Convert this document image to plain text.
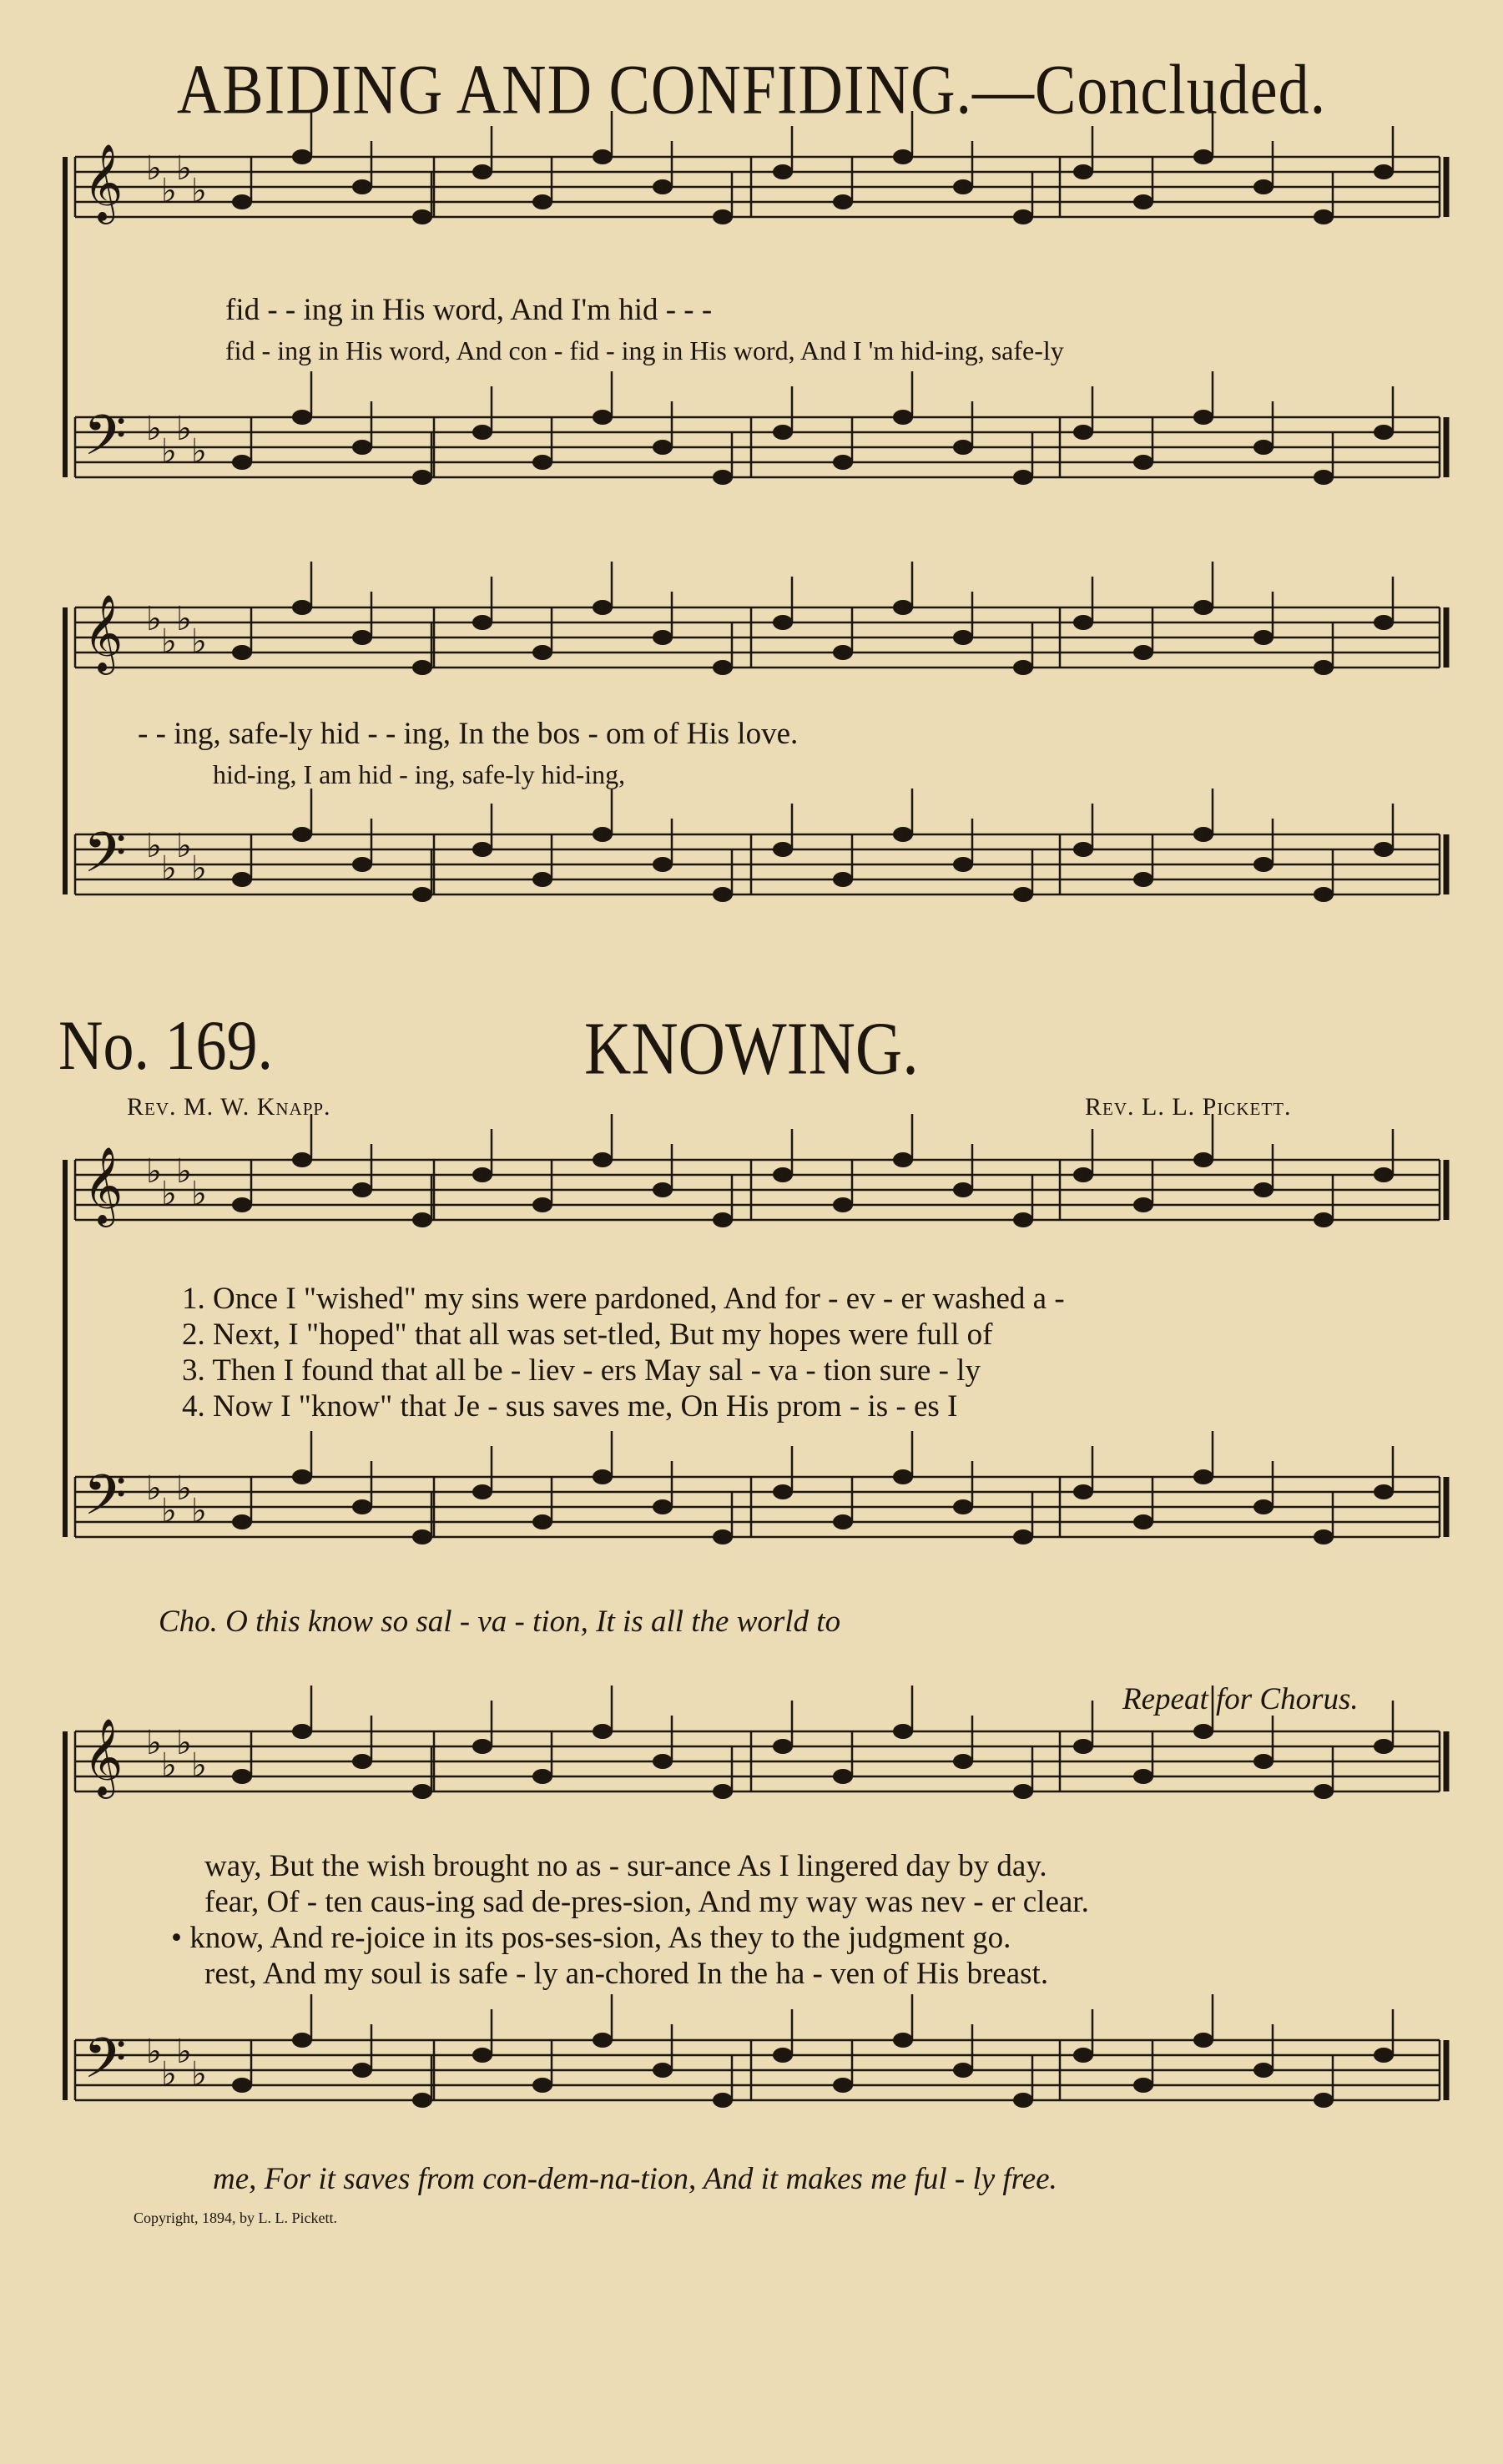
ABIDING AND CONFIDING.—Concluded.
𝄞 ♭
♭
♭
♭
𝄢 ♭
♭
♭
♭
𝄞 ♭
♭
♭
♭
𝄢 ♭
♭
♭
♭
𝄞 ♭
♭
♭
♭
𝄢 ♭
♭
♭
♭
𝄞 ♭
♭
♭
♭
𝄢 ♭
♭
♭
♭
fid - - ing in His word, And I'm hid - - -
fid - ing in His word, And con - fid - ing in His word, And I 'm hid-ing, safe-ly
- - ing, safe-ly hid - - ing, In the bos - om of His love.
hid-ing, I am hid - ing, safe-ly hid-ing,
No. 169.	KNOWING.
Rev. M. W. Knapp.	Rev. L. L. Pickett.
1. Once I "wished" my sins were pardoned, And for - ev - er washed a -
2. Next, I "hoped" that all was set-tled, But my hopes were full of
3. Then I found that all be - liev - ers May sal - va - tion sure - ly
4. Now I "know" that Je - sus saves me, On His prom - is - es I
Cho. O this know so sal - va - tion, It is all the world to
Repeat for Chorus.
way, But the wish brought no as - sur-ance As I lingered day by day.
fear, Of - ten caus-ing sad de-pres-sion, And my way was nev - er clear.
• know, And re-joice in its pos-ses-sion, As they to the judgment go.
rest, And my soul is safe - ly an-chored In the ha - ven of His breast.
me, For it saves from con-dem-na-tion, And it makes me ful - ly free.
Copyright, 1894, by L. L. Pickett.
